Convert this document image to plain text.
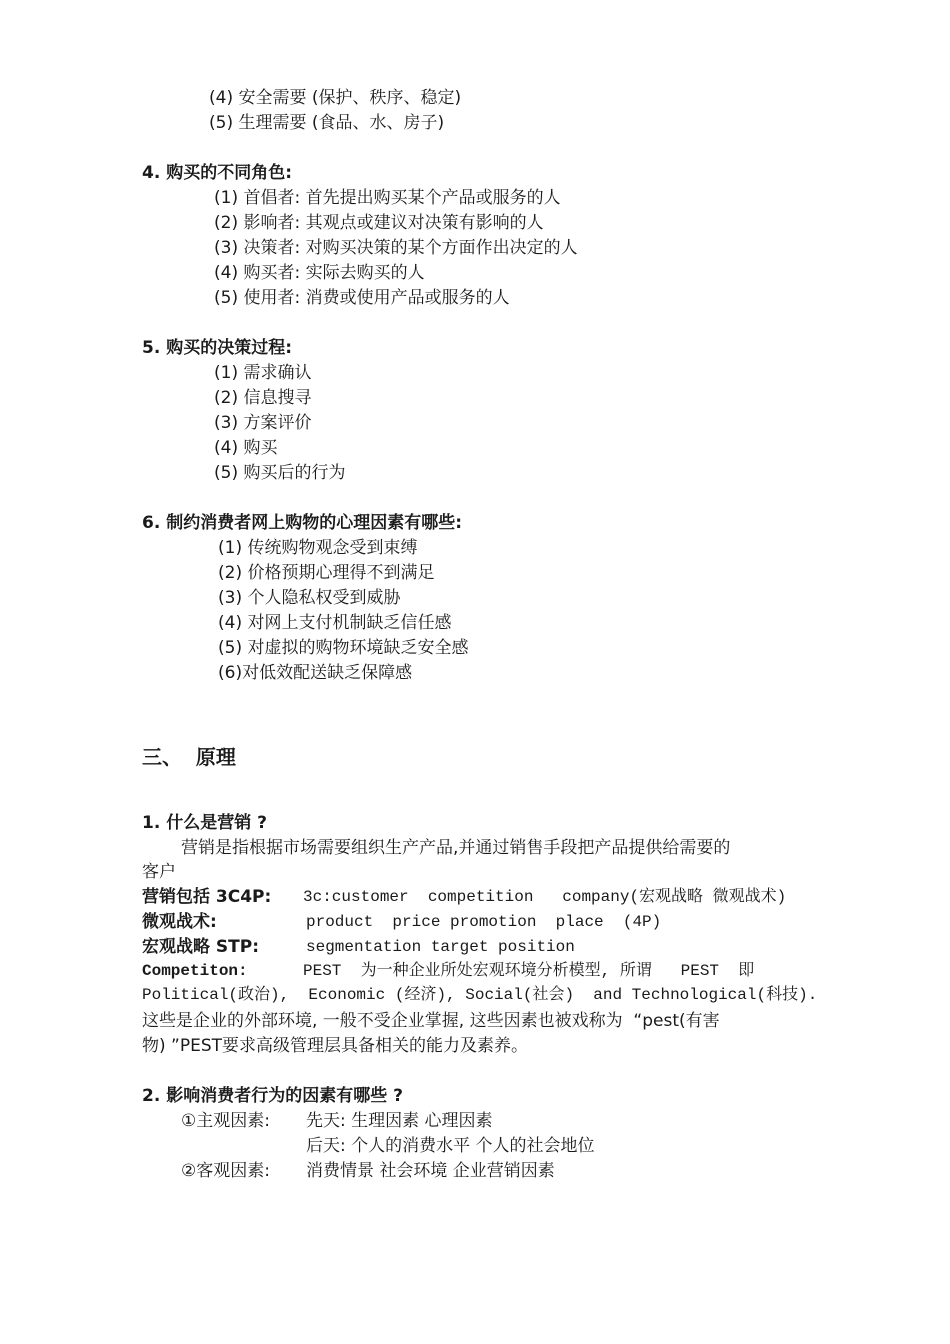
(4) 安全需要 (保护、秩序、稳定)
(5) 生理需要 (食品、水、房子)
4. 购买的不同角色:
(1) 首倡者: 首先提出购买某个产品或服务的人
(2) 影响者: 其观点或建议对决策有影响的人
(3) 决策者: 对购买决策的某个方面作出决定的人
(4) 购买者: 实际去购买的人
(5) 使用者: 消费或使用产品或服务的人
5. 购买的决策过程:
(1) 需求确认
(2) 信息搜寻
(3) 方案评价
(4) 购买
(5) 购买后的行为
6. 制约消费者网上购物的心理因素有哪些:
(1) 传统购物观念受到束缚
(2) 价格预期心理得不到满足
(3) 个人隐私权受到威胁
(4) 对网上支付机制缺乏信任感
(5) 对虚拟的购物环境缺乏安全感
(6)对低效配送缺乏保障感
三、  原理
1. 什么是营销 ?
营销是指根据市场需要组织生产产品,并通过销售手段把产品提供给需要的
客户
营销包括 3C4P: 3c:customer  competition   company(宏观战略 微观战术)
微观战术:	product  price promotion  place  (4P)
宏观战略 STP:	segmentation target position
Competiton:	PEST  为一种企业所处宏观环境分析模型, 所谓   PEST  即
Political(政治),  Economic (经济), Social(社会)  and Technological(科技).
这些是企业的外部环境, 一般不受企业掌握, 这些因素也被戏称为  “pest(有害
物) ”PEST要求高级管理层具备相关的能力及素养。
2. 影响消费者行为的因素有哪些 ?
①主观因素: 先天: 生理因素 心理因素
后天: 个人的消费水平 个人的社会地位
②客观因素: 消费情景 社会环境 企业营销因素
